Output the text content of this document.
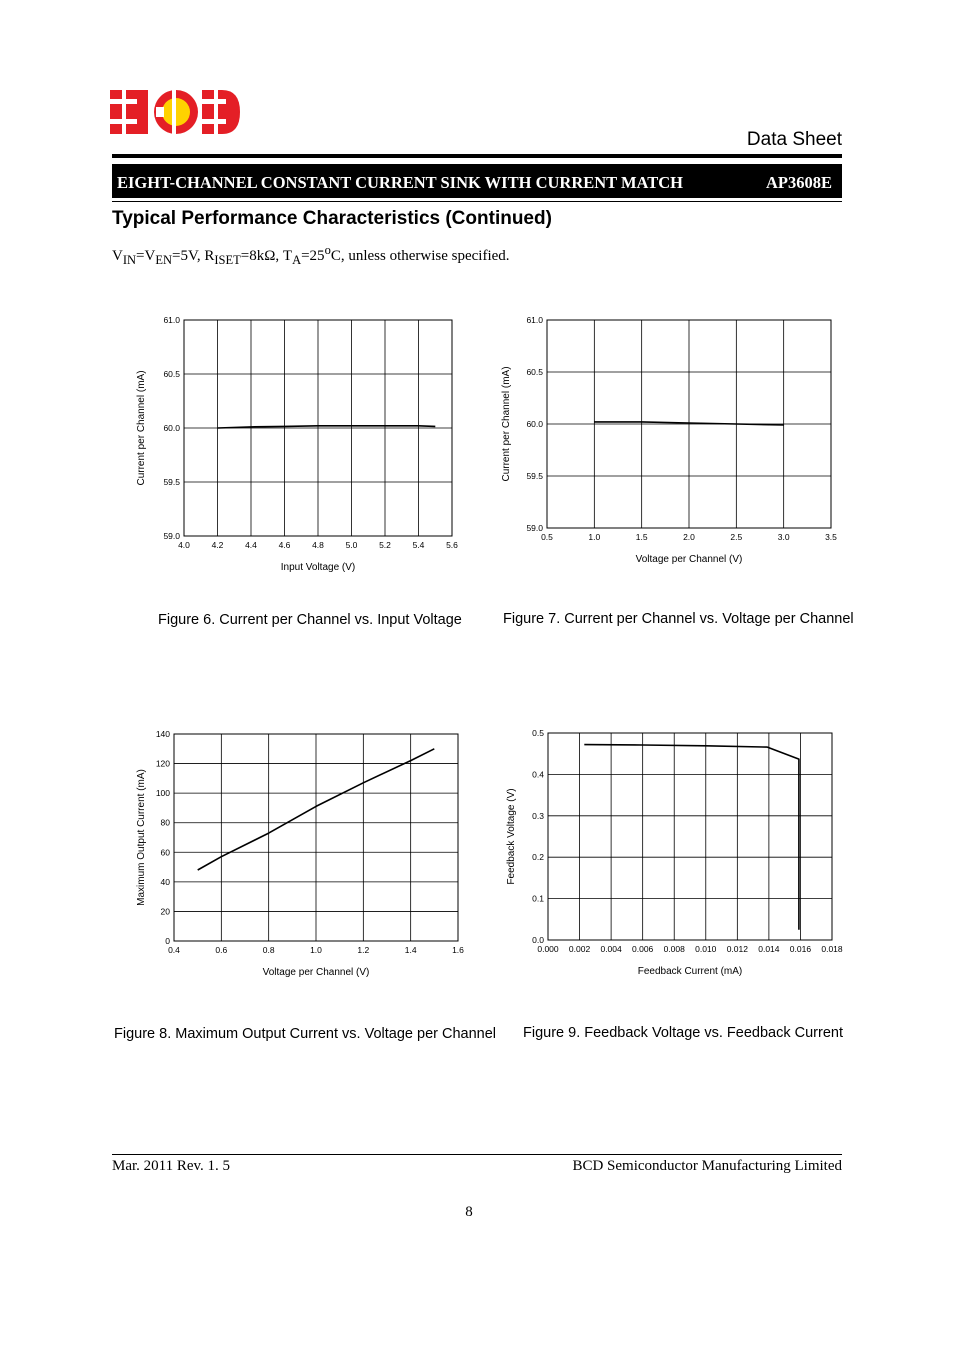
Data Sheet
EIGHT-CHANNEL CONSTANT CURRENT SINK WITH CURRENT MATCH	AP3608E
Typical Performance Characteristics (Continued)
$V_{IN}=V_{EN}=5V$, $R_{ISET}=8k\Omega$, $T_A=25^oC$, unless otherwise specified.
4.0	4.2	4.4	4.6	4.8	5.0	5.2	5.4	5.6
59.0
59.5
60.0
60.5
61.0
Input Voltage (V)
Current per Channel (mA)
0.5	1.0	1.5	2.0	2.5	3.0	3.5
59.0
59.5
60.0
60.5
61.0
Voltage per Channel (V)
Current per Channel (mA)
0.4	0.6	0.8	1.0	1.2	1.4	1.6
0
20
40
60
80
100
120
140
Voltage per Channel (V)
Maximum Output Current (mA)
0.000 0.002 0.004 0.006 0.008 0.010 0.012 0.014 0.016 0.018
0.0
0.1
0.2
0.3
0.4
0.5
Feedback Current (mA)
Feedback Voltage (V)
Figure 6. Current per Channel vs. Input Voltage	Figure 7. Current per Channel vs. Voltage per Channel
Figure 8. Maximum Output Current vs. Voltage per Channel Figure 9. Feedback Voltage vs. Feedback Current
Mar. 2011 Rev. 1. 5	BCD Semiconductor Manufacturing Limited
8
